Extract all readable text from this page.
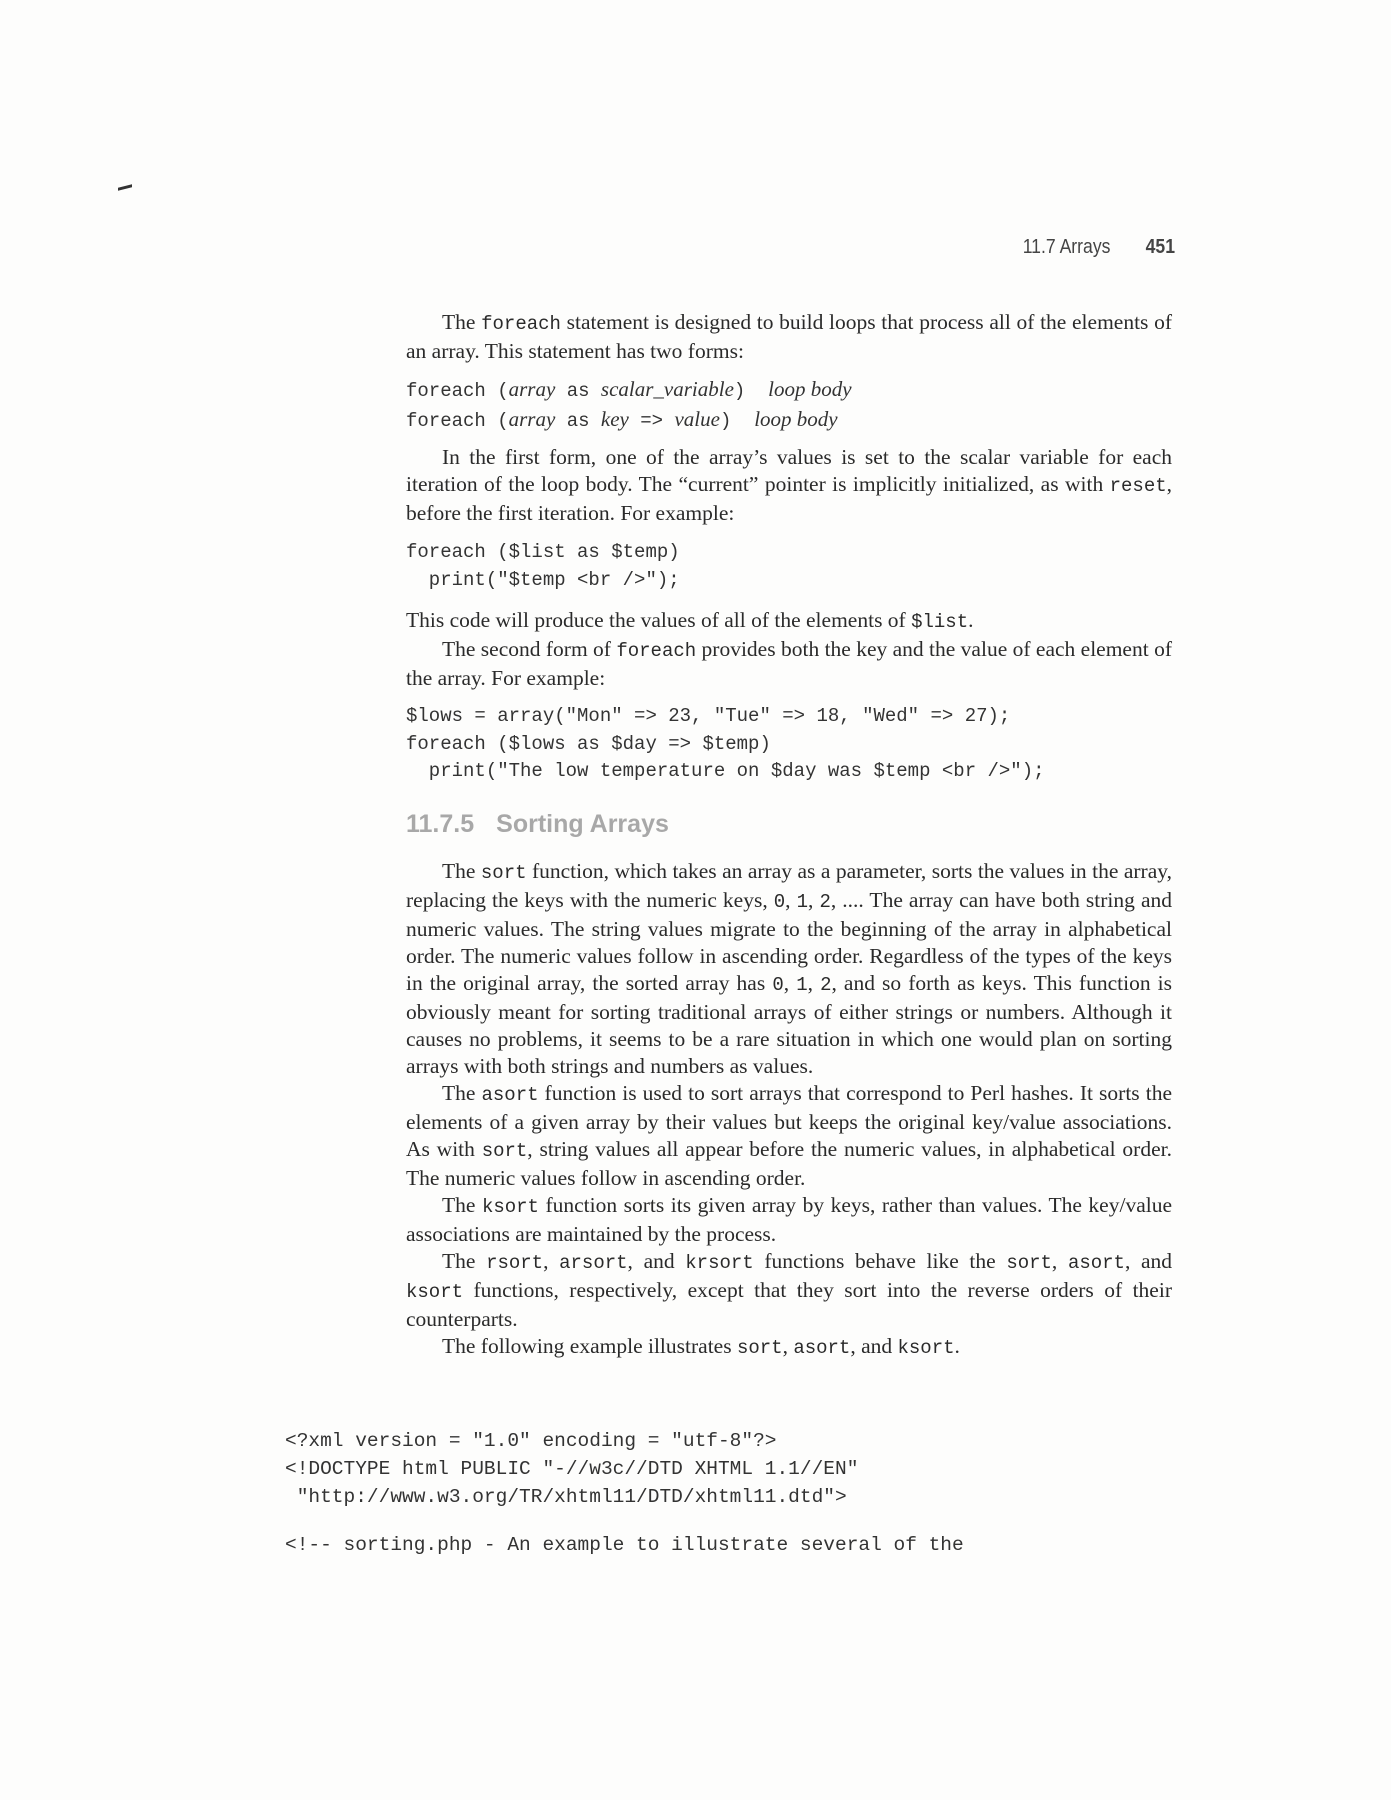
11.7 Arrays 451

The foreach statement is designed to build loops that process all of the elements of an array. This statement has two forms:

foreach (array as scalar_variable)  loop body
foreach (array as key => value)  loop body

In the first form, one of the array’s values is set to the scalar variable for each iteration of the loop body. The “current” pointer is implicitly initialized, as with reset, before the first iteration. For example:

foreach ($list as $temp)
print("$temp <br />");

This code will produce the values of all of the elements of $list.

The second form of foreach provides both the key and the value of each element of the array. For example:

$lows = array("Mon" => 23, "Tue" => 18, "Wed" => 27);
foreach ($lows as $day => $temp)
print("The low temperature on $day was $temp <br />");
11.7.5 Sorting Arrays

The sort function, which takes an array as a parameter, sorts the values in the array, replacing the keys with the numeric keys, 0, 1, 2, .... The array can have both string and numeric values. The string values migrate to the beginning of the array in alphabetical order. The numeric values follow in ascending order. Regardless of the types of the keys in the original array, the sorted array has 0, 1, 2, and so forth as keys. This function is obviously meant for sorting traditional arrays of either strings or numbers. Although it causes no problems, it seems to be a rare situation in which one would plan on sorting arrays with both strings and numbers as values.

The asort function is used to sort arrays that correspond to Perl hashes. It sorts the elements of a given array by their values but keeps the original key/value associations. As with sort, string values all appear before the numeric values, in alphabetical order. The numeric values follow in ascending order.

The ksort function sorts its given array by keys, rather than values. The key/value associations are maintained by the process.

The rsort, arsort, and krsort functions behave like the sort, asort, and ksort functions, respectively, except that they sort into the reverse orders of their counterparts.

The following example illustrates sort, asort, and ksort.

<?xml version = "1.0" encoding = "utf-8"?>
<!DOCTYPE html PUBLIC "-//w3c//DTD XHTML 1.1//EN"
"http://www.w3.org/TR/xhtml11/DTD/xhtml11.dtd">
<!-- sorting.php - An example to illustrate several of the
